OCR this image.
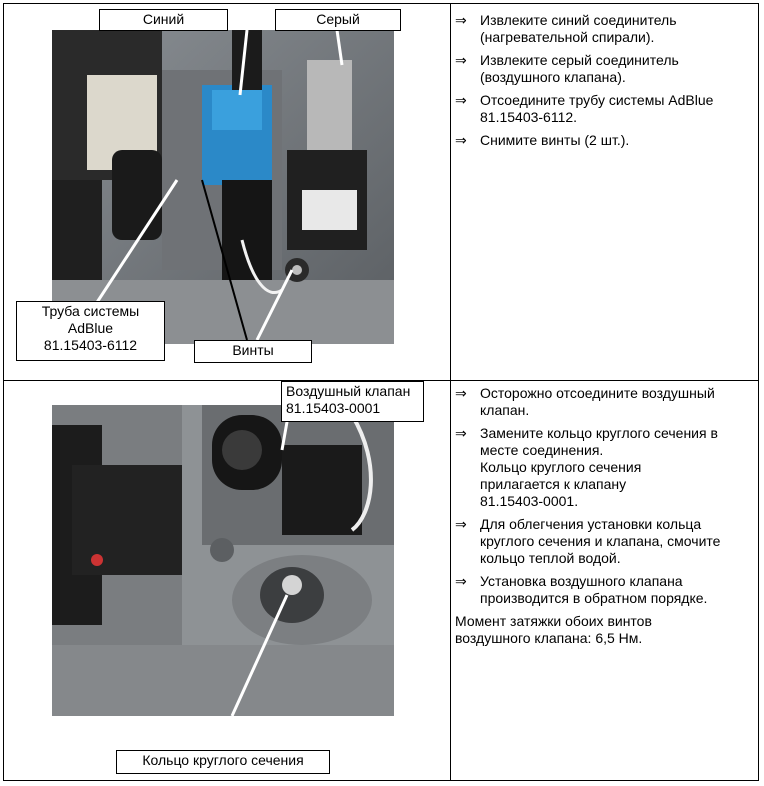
Синий	Серый
Труба системы
AdBlue
81.15403-6112	Винты
⇒ Извлеките синий соединитель (нагревательной спирали).
⇒ Извлеките серый соединитель (воздушного клапана).
⇒ Отсоедините трубу системы AdBlue 81.15403-6112.
⇒ Снимите винты (2 шт.).
Воздушный клапан
81.15403-0001
Кольцо круглого сечения
⇒ Осторожно отсоедините воздушный клапан.
⇒ Замените кольцо круглого сечения в месте соединения.
Кольцо круглого сечения
прилагается к клапану
81.15403-0001.
⇒ Для облегчения установки кольца круглого сечения и клапана, смочите кольцо теплой водой.
⇒ Установка воздушного клапана производится в обратном порядке.
Момент затяжки обоих винтов воздушного клапана: 6,5 Нм.
